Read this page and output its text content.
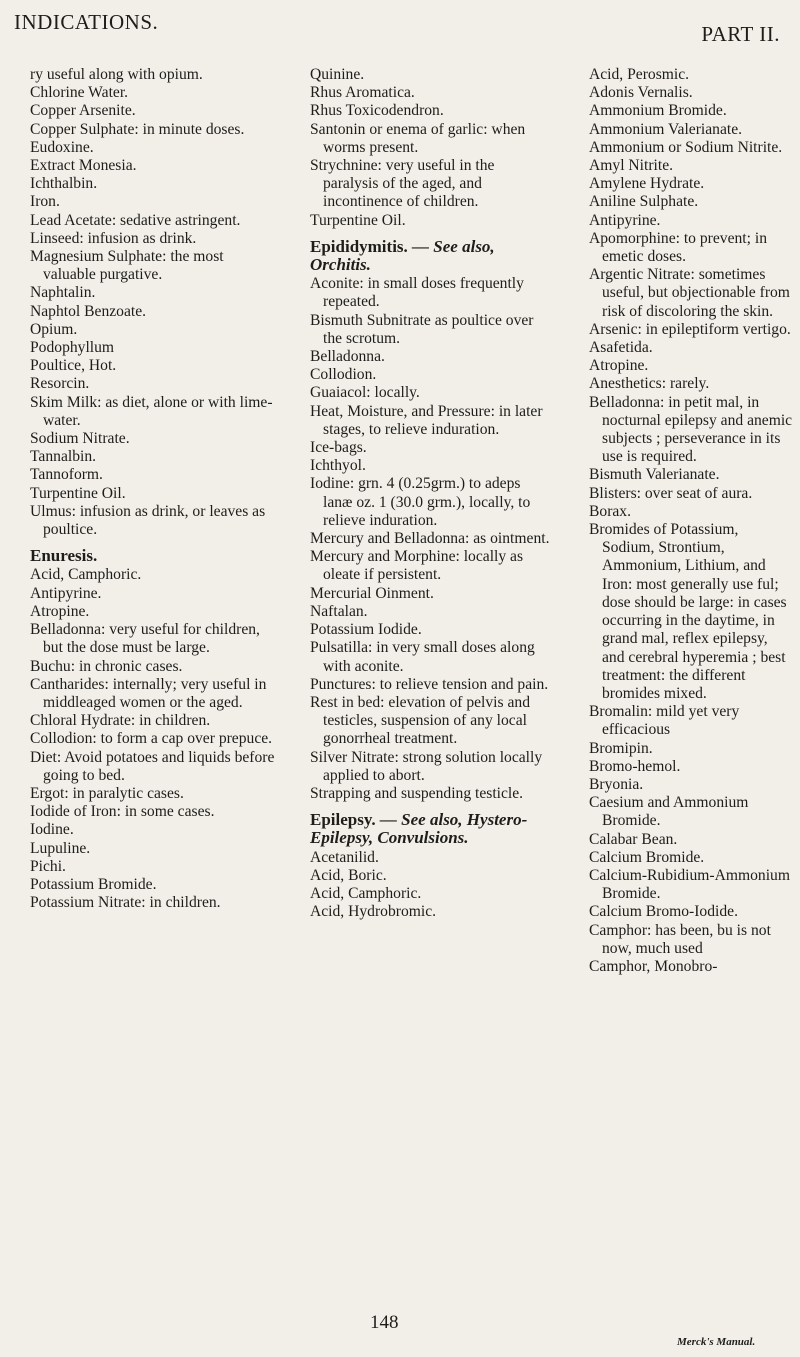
INDICATIONS.	PART II.
ry useful along with opium.
Chlorine Water.
Copper Arsenite.
Copper Sulphate: in minute doses.
Eudoxine.
Extract Monesia.
Ichthalbin.
Iron.
Lead Acetate: sedative astringent.
Linseed: infusion as drink.
Magnesium Sulphate: the most valuable purgative.
Naphtalin.
Naphtol Benzoate.
Opium.
Podophyllum
Poultice, Hot.
Resorcin.
Skim Milk: as diet, alone or with lime-water.
Sodium Nitrate.
Tannalbin.
Tannoform.
Turpentine Oil.
Ulmus: infusion as drink, or leaves as poultice.
Enuresis.
Acid, Camphoric.
Antipyrine.
Atropine.
Belladonna: very useful for children, but the dose must be large.
Buchu: in chronic cases.
Cantharides: internally; very useful in middleaged women or the aged.
Chloral Hydrate: in children.
Collodion: to form a cap over prepuce.
Diet: Avoid potatoes and liquids before going to bed.
Ergot: in paralytic cases.
Iodide of Iron: in some cases.
Iodine.
Lupuline.
Pichi.
Potassium Bromide.
Potassium Nitrate: in children.
Quinine.
Rhus Aromatica.
Rhus Toxicodendron.
Santonin or enema of garlic: when worms present.
Strychnine: very useful in the paralysis of the aged, and incontinence of children.
Turpentine Oil.
Epididymitis. — See also, Orchitis.
Aconite: in small doses frequently repeated.
Bismuth Subnitrate as poultice over the scrotum.
Belladonna.
Collodion.
Guaiacol: locally.
Heat, Moisture, and Pressure: in later stages, to relieve induration.
Ice-bags.
Ichthyol.
Iodine: grn. 4 (0.25grm.) to adeps lanæ oz. 1 (30.0 grm.), locally, to relieve induration.
Mercury and Belladonna: as ointment.
Mercury and Morphine: locally as oleate if persistent.
Mercurial Oinment.
Naftalan.
Potassium Iodide.
Pulsatilla: in very small doses along with aconite.
Punctures: to relieve tension and pain.
Rest in bed: elevation of pelvis and testicles, suspension of any local gonorrheal treatment.
Silver Nitrate: strong solution locally applied to abort.
Strapping and suspending testicle.
Epilepsy. — See also, Hystero-Epilepsy, Convulsions.
Acetanilid.
Acid, Boric.
Acid, Camphoric.
Acid, Hydrobromic.
Acid, Perosmic.
Adonis Vernalis.
Ammonium Bromide.
Ammonium Valerianate.
Ammonium or Sodium Nitrite.
Amyl Nitrite.
Amylene Hydrate.
Aniline Sulphate.
Antipyrine.
Apomorphine: to prevent; in emetic doses.
Argentic Nitrate: sometimes useful, but objectionable from risk of discoloring the skin.
Arsenic: in epileptiform vertigo.
Asafetida.
Atropine.
Anesthetics: rarely.
Belladonna: in petit mal, in nocturnal epilepsy and anemic subjects ; perseverance in its use is required.
Bismuth Valerianate.
Blisters: over seat of aura.
Borax.
Bromides of Potassium, Sodium, Strontium, Ammonium, Lithium, and Iron: most generally use ful; dose should be large: in cases occurring in the daytime, in grand mal, reflex epilepsy, and cerebral hyperemia ; best treatment: the different bromides mixed.
Bromalin: mild yet very efficacious
Bromipin.
Bromo-hemol.
Bryonia.
Caesium and Ammonium Bromide.
Calabar Bean.
Calcium Bromide.
Calcium-Rubidium-Ammonium Bromide.
Calcium Bromo-Iodide.
Camphor: has been, bu is not now, much used
Camphor, Monobro-
148
Merck's Manual.
